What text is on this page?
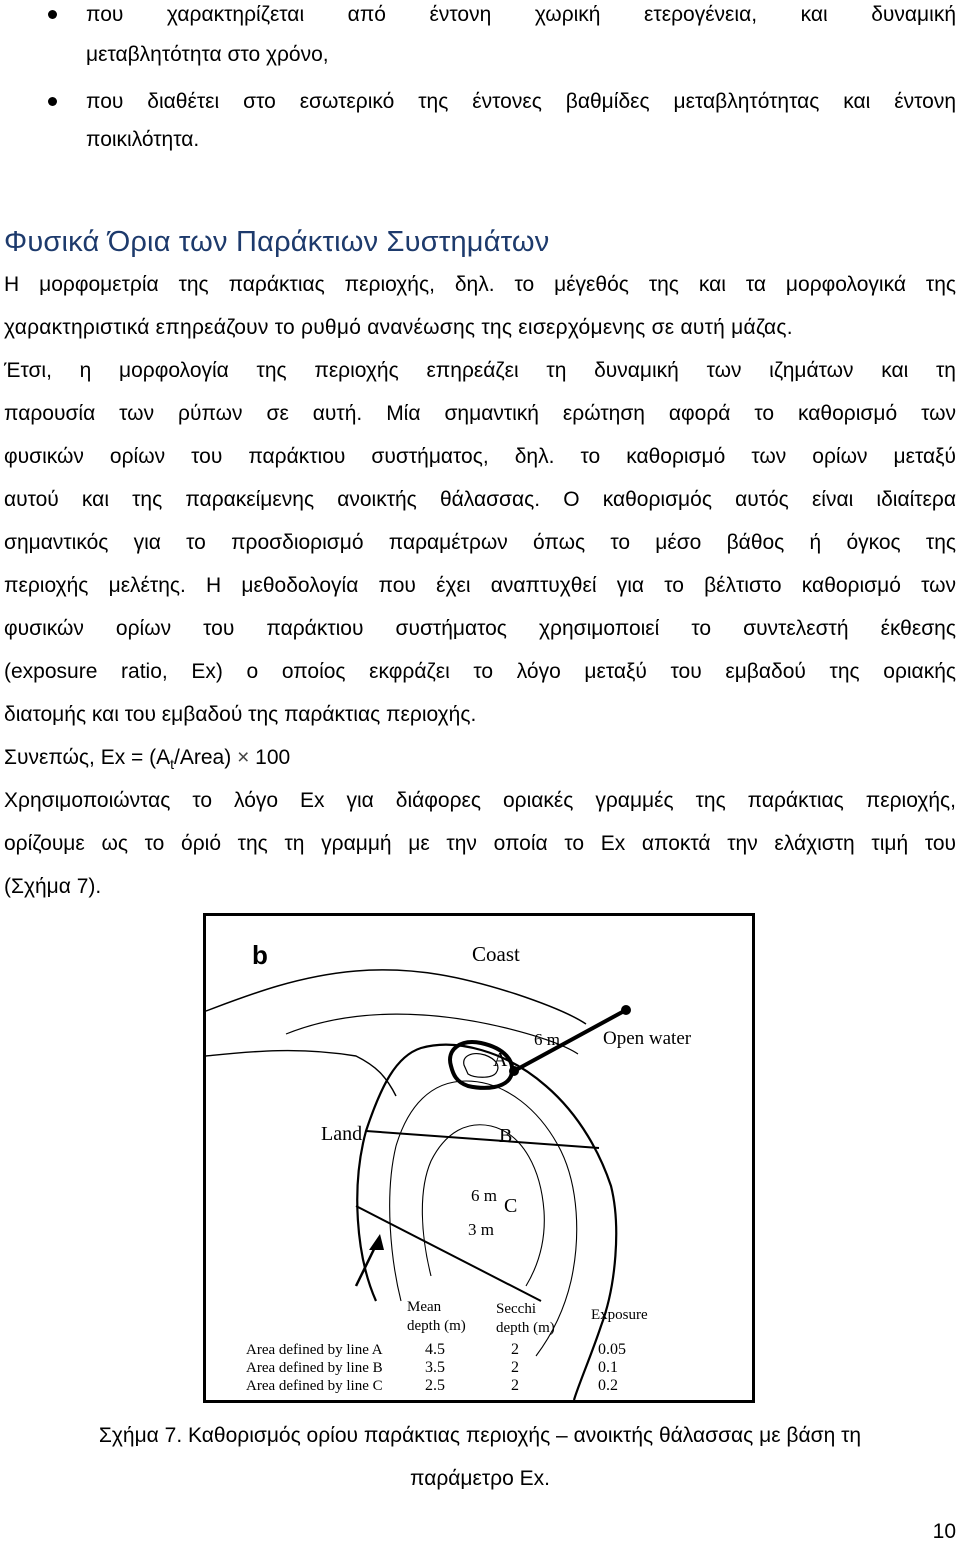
που χαρακτηρίζεται από έντονη χωρική ετερογένεια, και δυναμική
μεταβλητότητα στο χρόνο,
που διαθέτει στο εσωτερικό της έντονες βαθμίδες μεταβλητότητας και έντονη
ποικιλότητα.
Φυσικά Όρια των Παράκτιων Συστημάτων
Η μορφομετρία της παράκτιας περιοχής, δηλ. το μέγεθός της και τα μορφολογικά της
χαρακτηριστικά επηρεάζουν το ρυθμό ανανέωσης της εισερχόμενης σε αυτή μάζας.
Έτσι, η μορφολογία της περιοχής επηρεάζει τη δυναμική των ιζημάτων και τη
παρουσία των ρύπων σε αυτή. Μία σημαντική ερώτηση αφορά το καθορισμό των
φυσικών ορίων του παράκτιου συστήματος, δηλ. το καθορισμό των ορίων μεταξύ
αυτού και της παρακείμενης ανοικτής θάλασσας. Ο καθορισμός αυτός είναι ιδιαίτερα
σημαντικός για το προσδιορισμό παραμέτρων όπως το μέσο βάθος ή όγκος της
περιοχής μελέτης. Η μεθοδολογία που έχει αναπτυχθεί για το βέλτιστο καθορισμό των
φυσικών ορίων του παράκτιου συστήματος χρησιμοποιεί το συντελεστή έκθεσης
(exposure ratio, Ex) ο οποίος εκφράζει το λόγο μεταξύ του εμβαδού της οριακής
διατομής και του εμβαδού της παράκτιας περιοχής.
Συνεπώς, $Ex = (A_t/Area) \times 100$
Χρησιμοποιώντας το λόγο Ex για διάφορες οριακές γραμμές της παράκτιας περιοχής,
ορίζουμε ως το όριό της τη γραμμή με την οποία το Ex αποκτά την ελάχιστη τιμή του
(Σχήμα 7).
b	Coast
6 m Open water
A
Land	B
6 m C
3 m
Mean
depth (m)
Secchi
depth (m)
Exposure
Area defined by line A	4.5	2	0.05
Area defined by line B	3.5	2	0.1
Area defined by line C	2.5	2	0.2
Σχήμα 7. Καθορισμός ορίου παράκτιας περιοχής – ανοικτής θάλασσας με βάση τη
παράμετρο Ex.
10
